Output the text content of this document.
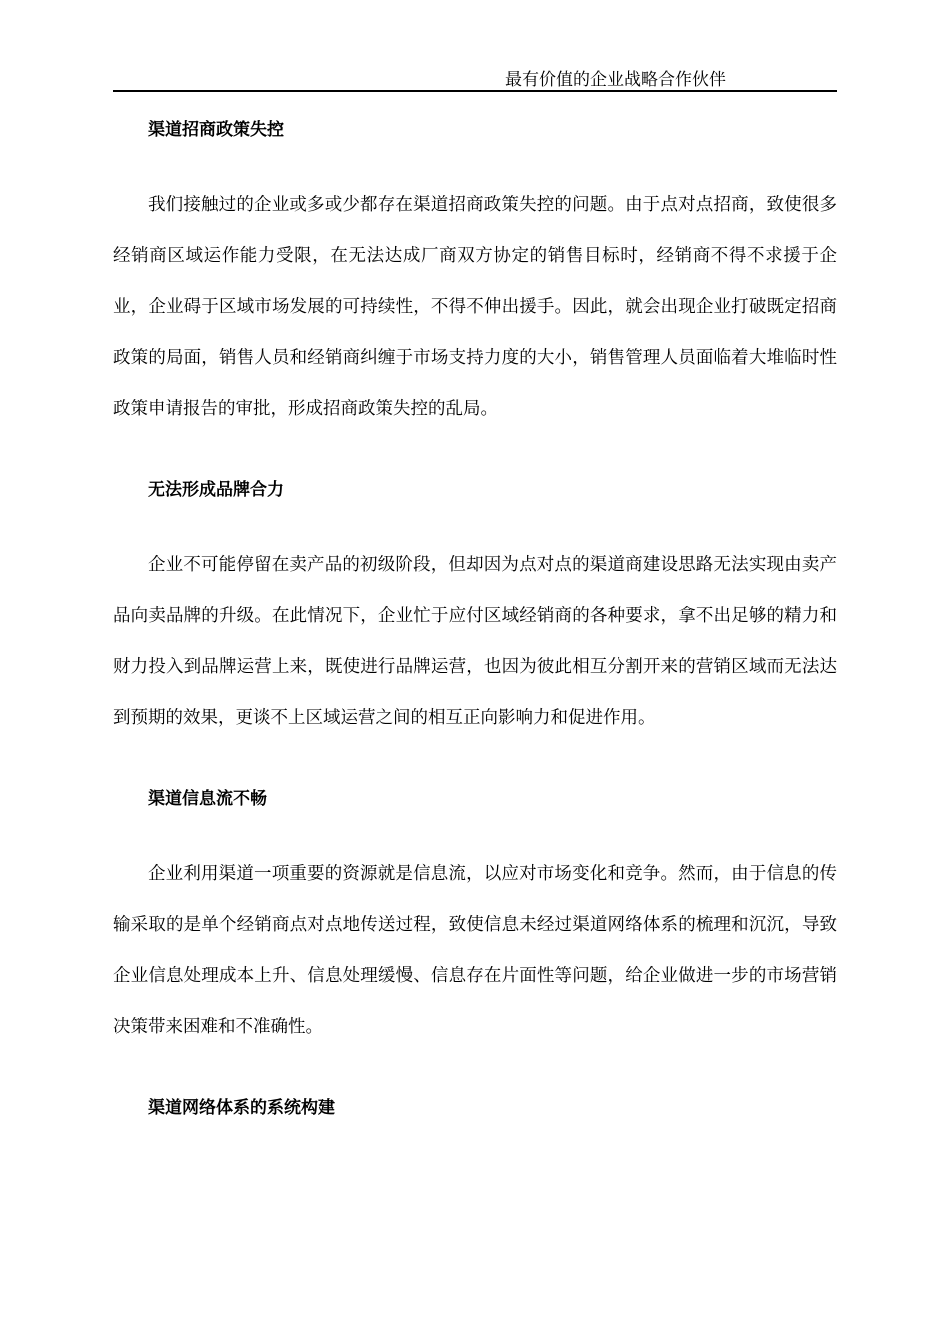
最有价值的企业战略合作伙伴
渠道招商政策失控

我们接触过的企业或多或少都存在渠道招商政策失控的问题。由于点对点招商，致使很多经销商区域运作能力受限，在无法达成厂商双方协定的销售目标时，经销商不得不求援于企业，企业碍于区域市场发展的可持续性，不得不伸出援手。因此，就会出现企业打破既定招商政策的局面，销售人员和经销商纠缠于市场支持力度的大小，销售管理人员面临着大堆临时性政策申请报告的审批，形成招商政策失控的乱局。

无法形成品牌合力

企业不可能停留在卖产品的初级阶段，但却因为点对点的渠道商建设思路无法实现由卖产品向卖品牌的升级。在此情况下，企业忙于应付区域经销商的各种要求，拿不出足够的精力和财力投入到品牌运营上来，既使进行品牌运营，也因为彼此相互分割开来的营销区域而无法达到预期的效果，更谈不上区域运营之间的相互正向影响力和促进作用。

渠道信息流不畅

企业利用渠道一项重要的资源就是信息流，以应对市场变化和竞争。然而，由于信息的传输采取的是单个经销商点对点地传送过程，致使信息未经过渠道网络体系的梳理和沉沉，导致企业信息处理成本上升、信息处理缓慢、信息存在片面性等问题，给企业做进一步的市场营销决策带来困难和不准确性。

渠道网络体系的系统构建
